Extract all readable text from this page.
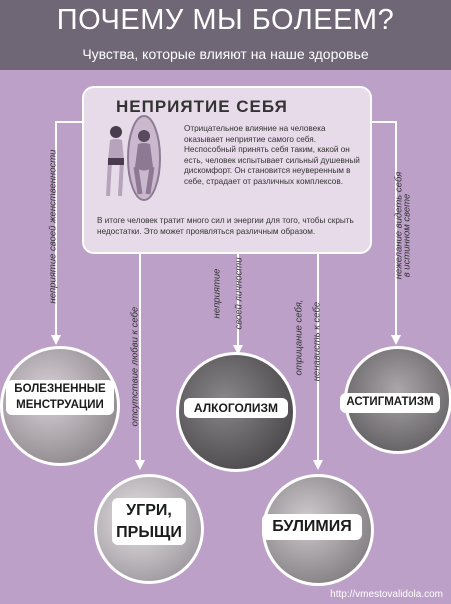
ПОЧЕМУ МЫ БОЛЕЕМ?
Чувства, которые влияют на наше здоровье
неприятие своей женственности
отсутствие любви к себе
неприятие своей личности
отрицание себя, ненависть к себе
нежелание видеть себя
в истинном свете
НЕПРИЯТИЕ СЕБЯ
Отрицательное влияние на человека оказывает неприятие самого себя. Неспособный принять себя таким, какой он есть, человек испытывает сильный душевный дискомфорт. Он становится неуверенным в себе, страдает от различных комплексов.
В итоге человек тратит много сил и энергии для того, чтобы скрыть недостатки. Это может проявляться различным образом.
БОЛЕЗНЕННЫЕ МЕНСТРУАЦИИ	АЛКОГОЛИЗМ	АСТИГМАТИЗМ
УГРИ, ПРЫЩИ	БУЛИМИЯ
http://vmestovalidola.com
